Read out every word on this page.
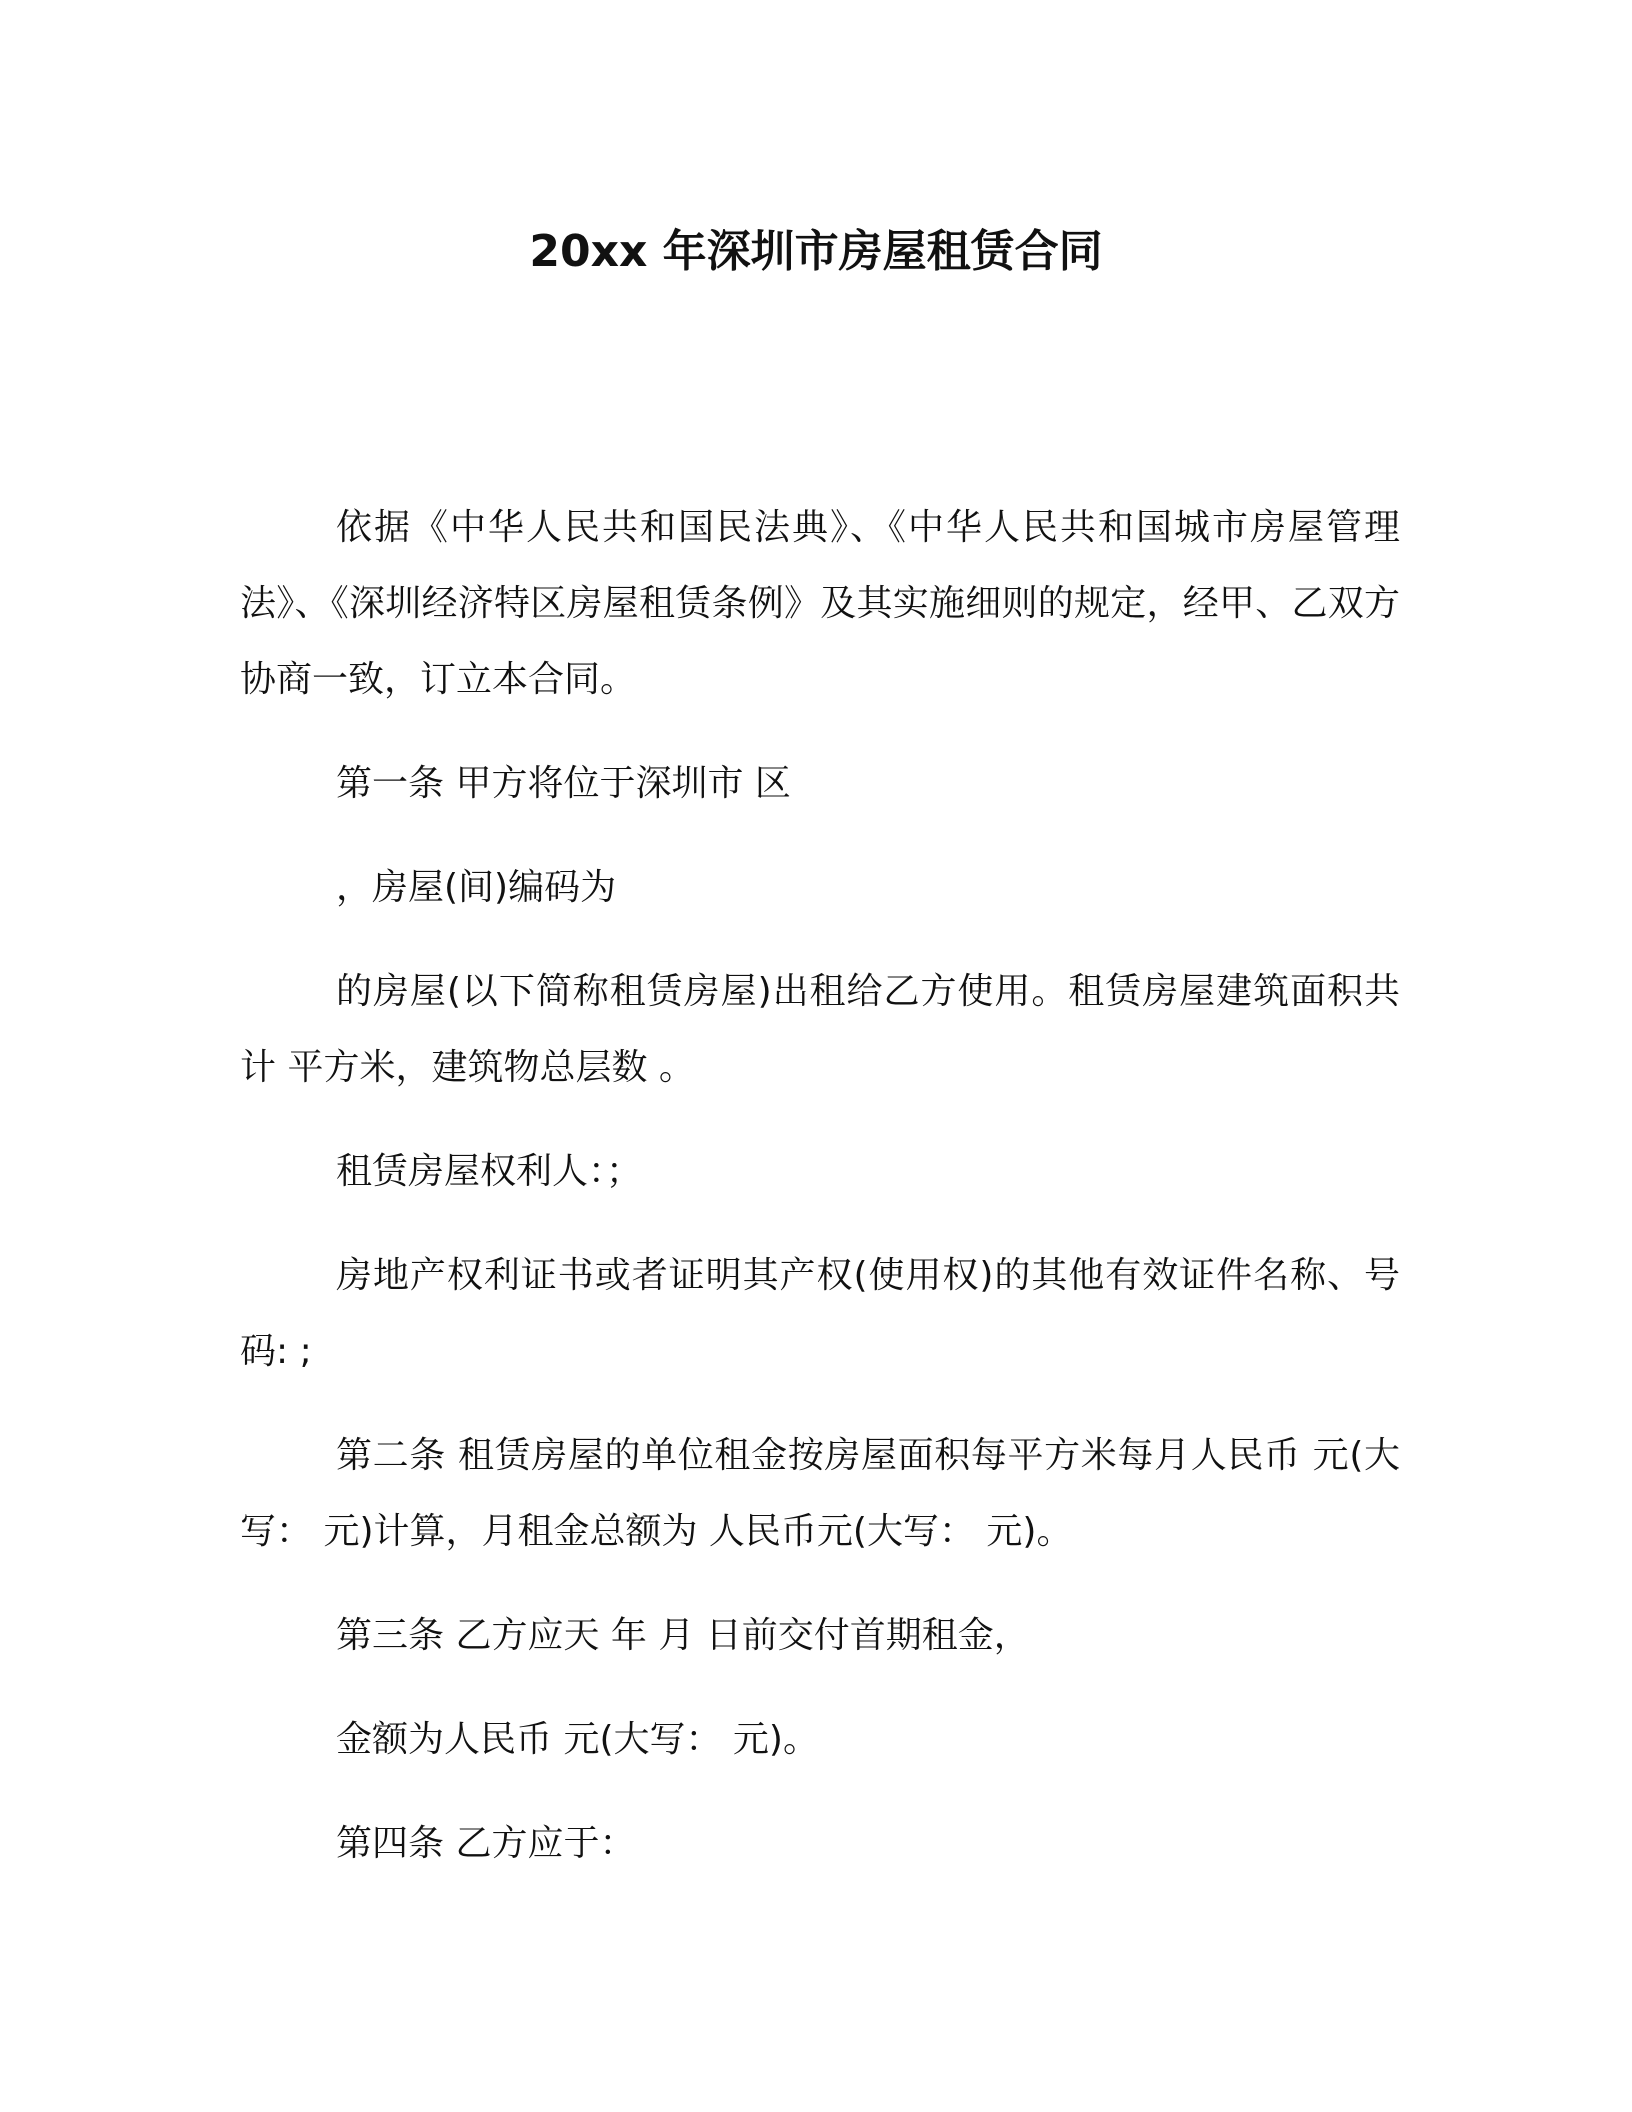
20xx 年深圳市房屋租赁合同

依据《中华人民共和国民法典》、《中华人民共和国城市房屋管理法》、《深圳经济特区房屋租赁条例》及其实施细则的规定，经甲、乙双方协商一致，订立本合同。

第一条 甲方将位于深圳市 区

，房屋(间)编码为

的房屋(以下简称租赁房屋)出租给乙方使用。租赁房屋建筑面积共计 平方米，建筑物总层数 。

租赁房屋权利人：；

房地产权利证书或者证明其产权(使用权)的其他有效证件名称、号码: ;

第二条 租赁房屋的单位租金按房屋面积每平方米每月人民币 元(大写： 元)计算，月租金总额为 人民币元(大写： 元)。

第三条 乙方应天 年 月 日前交付首期租金，

金额为人民币 元(大写： 元)。

第四条 乙方应于：
